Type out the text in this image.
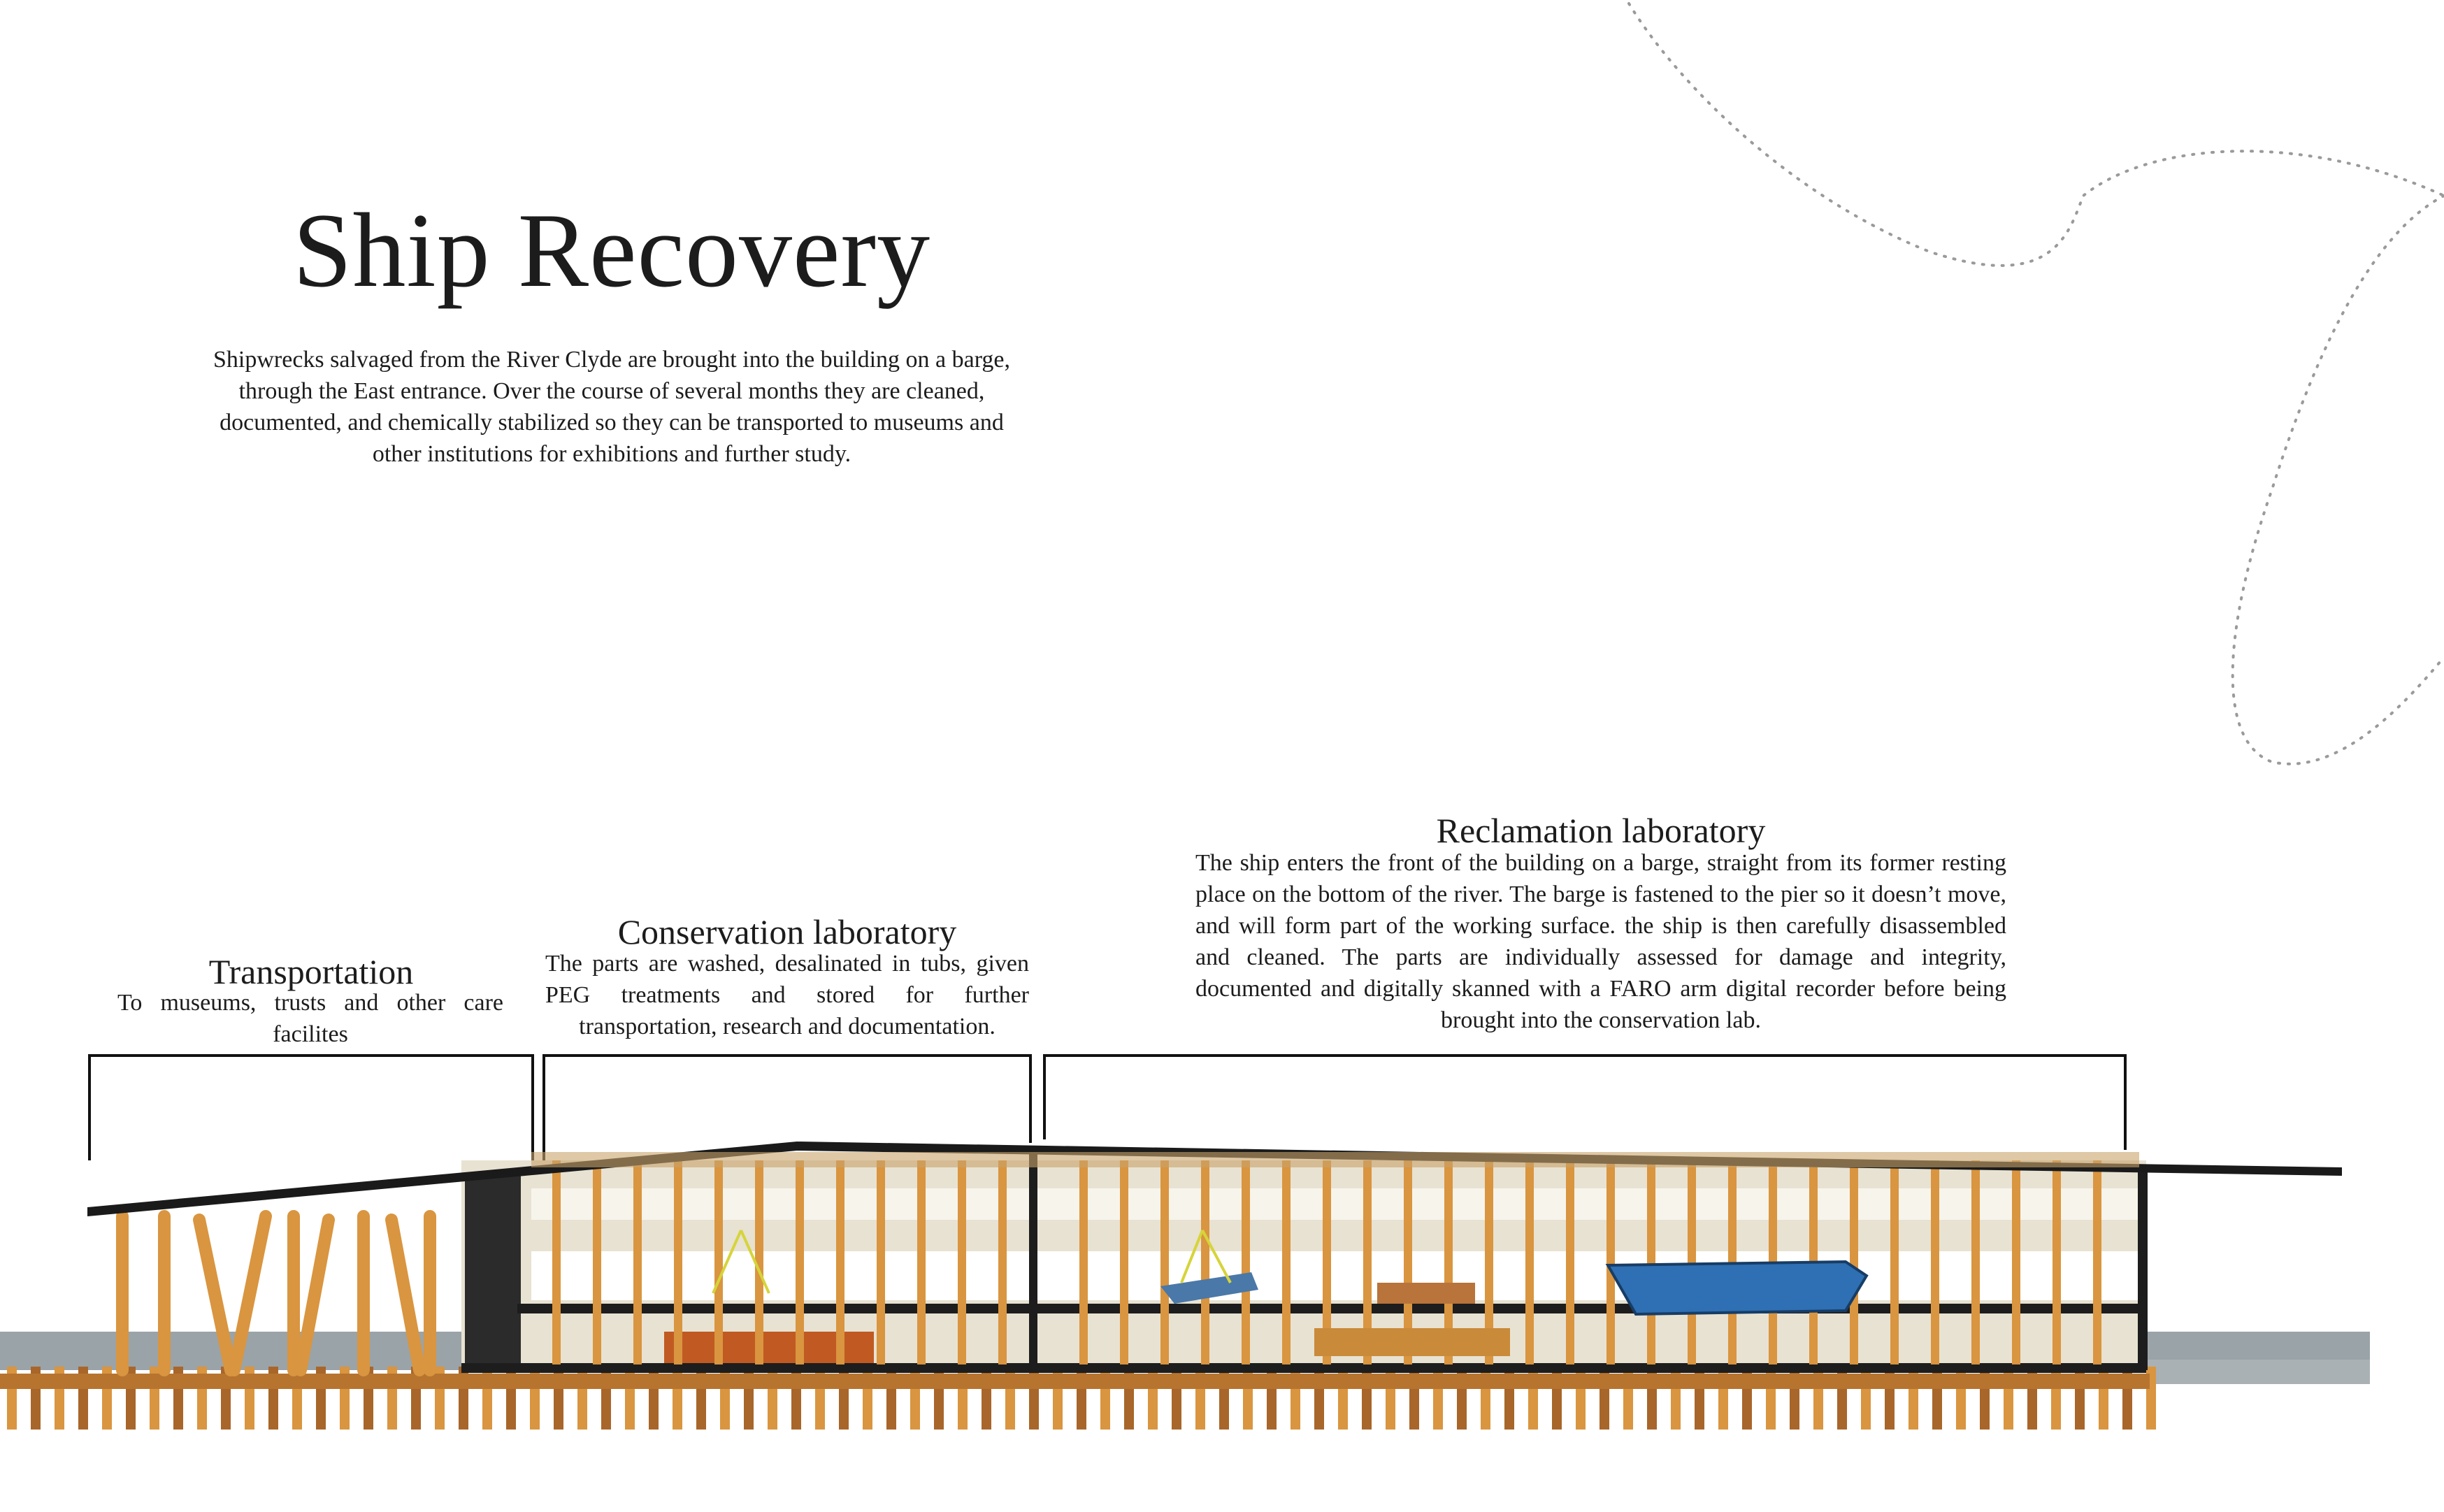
Ship Recovery
Shipwrecks salvaged from the River Clyde are brought into the building on a barge, through the East entrance. Over the course of several months they are cleaned, documented, and chemically stabilized so they can be transported to museums and other institutions for exhibitions and further study.
Transportation
To museums, trusts and other care facilites
Conservation laboratory
The parts are washed, desalinated in tubs, given PEG treatments and stored for further transportation, research and documentation.
Reclamation laboratory
The ship enters the front of the building on a barge, straight from its former resting place on the bottom of the river. The barge is fastened to the pier so it doesn’t move, and will form part of the working surface. the ship is then carefully disassembled and cleaned. The parts are individually assessed for damage and integrity, documented and digitally skanned with a FARO arm digital recorder before being brought into the conservation lab.
